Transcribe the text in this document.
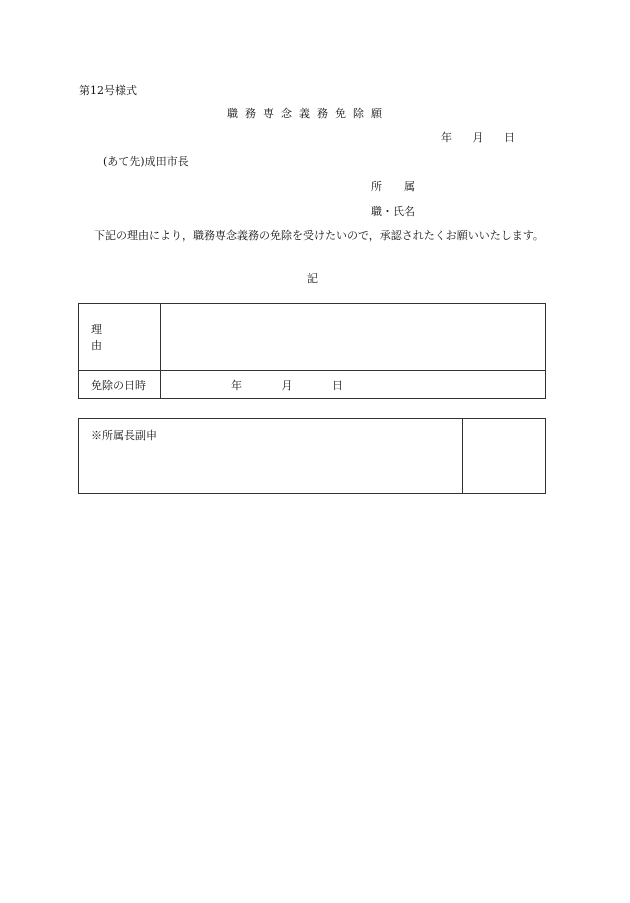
第12号様式
職務専念義務免除願
年 月 日
(あて先)成田市長
所　　属
職・氏名
下記の理由により，職務専念義務の免除を受けたいので，承認されたくお願いいたします。
記
理由	
免除の日時	年 月 日
※所属長副申	
